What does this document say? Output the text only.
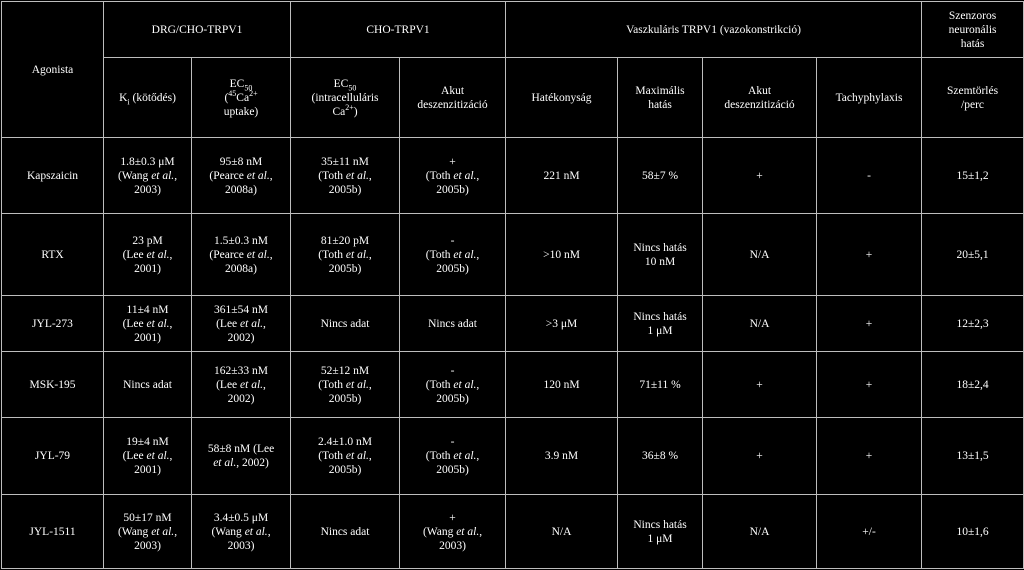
Agonista	DRG/CHO-TRPV1		CHO-TRPV1		Vaszkuláris TRPV1 (vazokonstrikció)				Szenzoros
neuronális
hatás

	$K_i$ (kötődés)	$EC_{50}$
($^{45}Ca^{2+}$
uptake)	$EC_{50}$
(intracelluláris
$Ca^{2+}$)	Akut
deszenzitizáció	Hatékonyság	Maximális
hatás	Akut
deszenzitizáció	Tachyphylaxis	Szemtörlés
/perc

Kapszaicin	1.8±0.3 μM
(Wang et al.,
2003)	95±8 nM
(Pearce et al.,
2008a)	35±11 nM
(Toth et al.,
2005b)	+
(Toth et al.,
2005b)	221 nM	58±7 %	+	-	15±1,2

RTX	23 pM
(Lee et al.,
2001)	1.5±0.3 nM
(Pearce et al.,
2008a)	81±20 pM
(Toth et al.,
2005b)	-
(Toth et al.,
2005b)	>10 nM	Nincs hatás
10 nM	N/A	+	20±5,1

JYL-273	11±4 nM
(Lee et al.,
2001)	361±54 nM
(Lee et al.,
2002)	Nincs adat	Nincs adat	>3 μM	Nincs hatás
1 μM	N/A	+	12±2,3

MSK-195	Nincs adat	162±33 nM
(Lee et al.,
2002)	52±12 nM
(Toth et al.,
2005b)	-
(Toth et al.,
2005b)	120 nM	71±11 %	+	+	18±2,4

JYL-79	19±4 nM
(Lee et al.,
2001)	58±8 nM (Lee
et al., 2002)	2.4±1.0 nM
(Toth et al.,
2005b)	-
(Toth et al.,
2005b)	3.9 nM	36±8 %	+	+	13±1,5

JYL-1511	50±17 nM
(Wang et al.,
2003)	3.4±0.5 μM
(Wang et al.,
2003)	Nincs adat	+
(Wang et al.,
2003)	N/A	Nincs hatás
1 μM	N/A	+/-	10±1,6
